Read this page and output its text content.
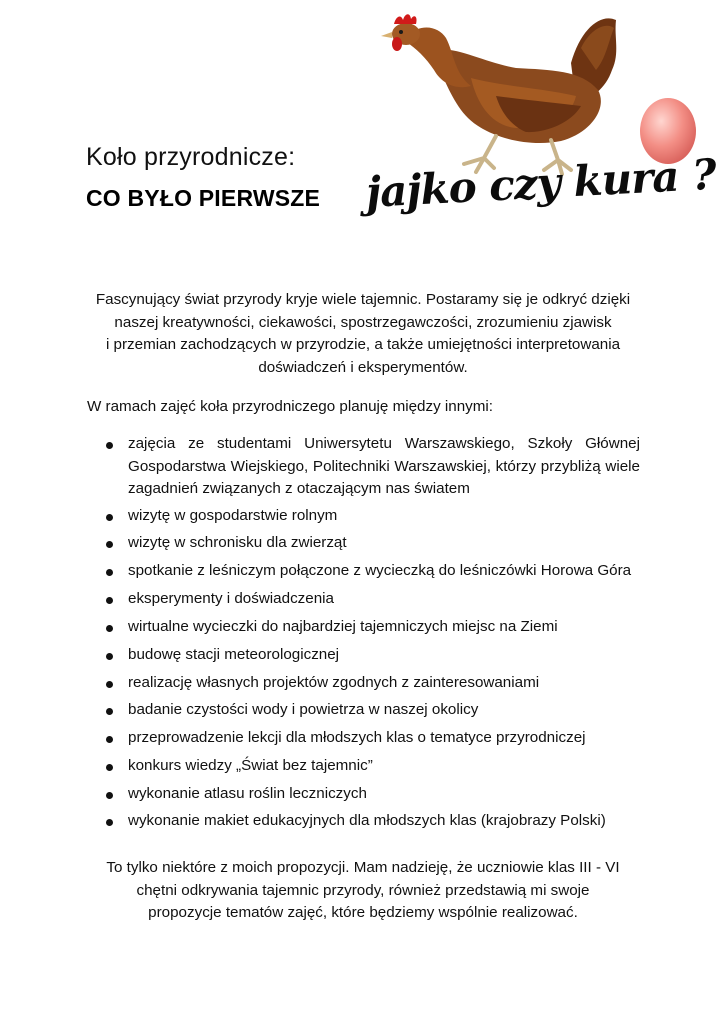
Koło przyrodnicze:
CO BYŁO PIERWSZE jajko czy kura ?
Fascynujący świat przyrody kryje wiele tajemnic. Postaramy się je odkryć dzięki
naszej kreatywności, ciekawości, spostrzegawczości, zrozumieniu zjawisk
i przemian zachodzących w przyrodzie, a także umiejętności interpretowania
doświadczeń i eksperymentów.
W ramach zajęć koła przyrodniczego planuję między innymi:
zajęcia ze studentami Uniwersytetu Warszawskiego, Szkoły Głównej Gospodarstwa Wiejskiego, Politechniki Warszawskiej, którzy przybliżą wiele zagadnień związanych z otaczającym nas światem
wizytę w gospodarstwie rolnym
wizytę w schronisku dla zwierząt
spotkanie z leśniczym połączone z wycieczką do leśniczówki Horowa Góra
eksperymenty i doświadczenia
wirtualne wycieczki do najbardziej tajemniczych miejsc na Ziemi
budowę stacji meteorologicznej
realizację własnych projektów zgodnych z zainteresowaniami
badanie czystości wody i powietrza w naszej okolicy
przeprowadzenie lekcji dla młodszych klas o tematyce przyrodniczej
konkurs wiedzy „Świat bez tajemnic”
wykonanie atlasu roślin leczniczych
wykonanie makiet edukacyjnych dla młodszych klas (krajobrazy Polski)
To tylko niektóre z moich propozycji. Mam nadzieję, że uczniowie klas III - VI
chętni odkrywania tajemnic przyrody, również przedstawią mi swoje
propozycje tematów zajęć, które będziemy wspólnie realizować.
